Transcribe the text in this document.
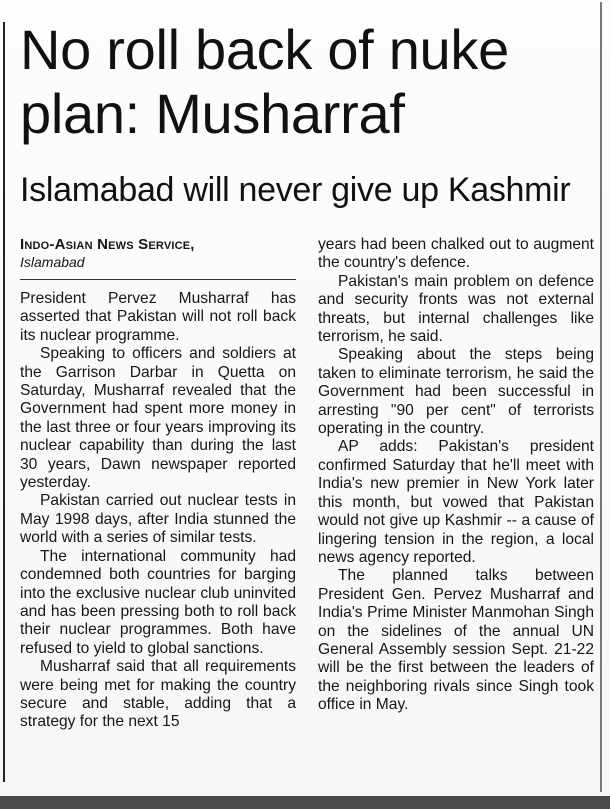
No roll back of nuke
plan: Musharraf
Islamabad will never give up Kashmir
Indo-Asian News Service,
Islamabad

President Pervez Musharraf has asserted that Pakistan will not roll back its nuclear programme.

Speaking to officers and soldiers at the Garrison Darbar in Quetta on Saturday, Musharraf revealed that the Government had spent more money in the last three or four years improving its nuclear capability than during the last 30 years, Dawn newspaper reported yesterday.

Pakistan carried out nuclear tests in May 1998 days, after India stunned the world with a series of similar tests.

The international community had condemned both countries for barging into the exclusive nuclear club uninvited and has been pressing both to roll back their nuclear programmes. Both have refused to yield to global sanctions.

Musharraf said that all requirements were being met for making the country secure and stable, adding that a strategy for the next 15

years had been chalked out to augment the country's defence.

Pakistan's main problem on defence and security fronts was not external threats, but internal challenges like terrorism, he said.

Speaking about the steps being taken to eliminate terrorism, he said the Government had been successful in arresting "90 per cent" of terrorists operating in the country.

AP adds: Pakistan's president confirmed Saturday that he'll meet with India's new premier in New York later this month, but vowed that Pakistan would not give up Kashmir -- a cause of lingering tension in the region, a local news agency reported.

The planned talks between President Gen. Pervez Musharraf and India's Prime Minister Manmohan Singh on the sidelines of the annual UN General Assembly session Sept. 21-22 will be the first between the leaders of the neighboring rivals since Singh took office in May.
